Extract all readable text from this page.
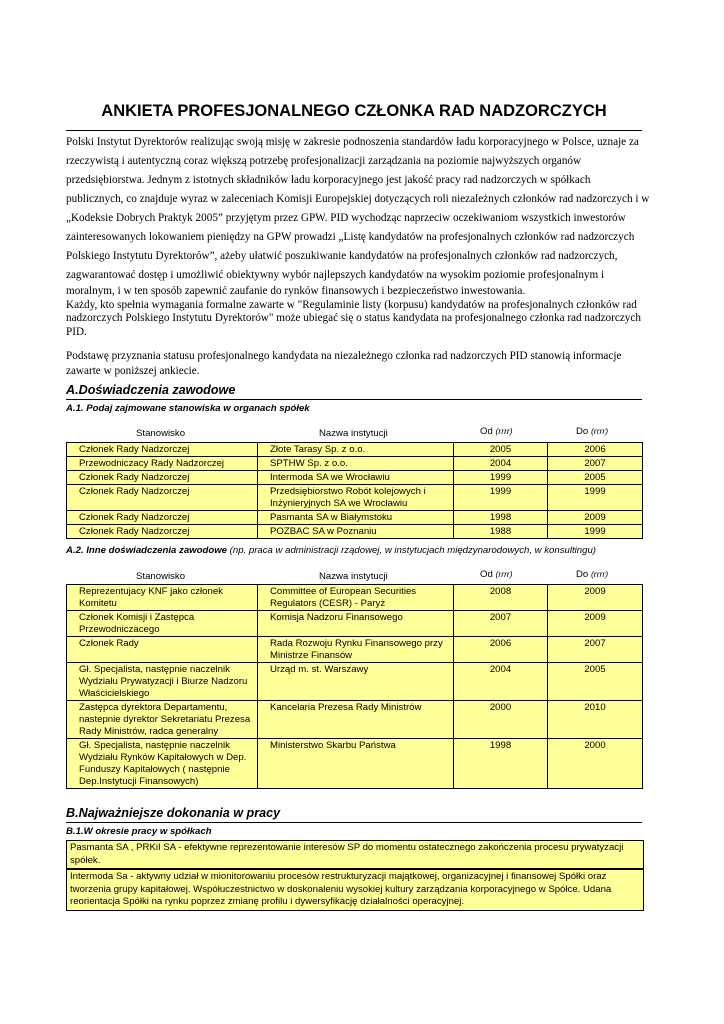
ANKIETA PROFESJONALNEGO CZŁONKA RAD NADZORCZYCH
Polski Instytut Dyrektorów realizując swoją misję w zakresie podnoszenia standardów ładu korporacyjnego w Polsce, uznaje za
rzeczywistą i autentyczną coraz większą potrzebę profesjonalizacji zarządzania na poziomie najwyższych organów
przedsiębiorstwa. Jednym z istotnych składników ładu korporacyjnego jest jakość pracy rad nadzorczych w spółkach
publicznych, co znajduje wyraz w zaleceniach Komisji Europejskiej dotyczących roli niezależnych członków rad nadzorczych i w
„Kodeksie Dobrych Praktyk 2005” przyjętym przez GPW. PID wychodząc naprzeciw oczekiwaniom wszystkich inwestorów
zainteresowanych lokowaniem pieniędzy na GPW prowadzi „Listę kandydatów na profesjonalnych członków rad nadzorczych
Polskiego Instytutu Dyrektorów”, ażeby ułatwić poszukiwanie kandydatów na profesjonalnych członków rad nadzorczych,
zagwarantować dostęp i umożliwić obiektywny wybór najlepszych kandydatów na wysokim poziomie profesjonalnym i
moralnym, i w ten sposób zapewnić zaufanie do rynków finansowych i bezpieczeństwo inwestowania.
Każdy, kto spełnia wymagania formalne zawarte w "Regulaminie listy (korpusu) kandydatów na profesjonalnych członków rad
nadzorczych Polskiego Instytutu Dyrektorów" może ubiegać się o status kandydata na profesjonalnego członka rad nadzorczych
PID.
Podstawę przyznania statusu profesjonalnego kandydata na niezależnego członka rad nadzorczych PID stanowią informacje
zawarte w poniższej ankiecie.
A.Doświadczenia zawodowe
A.1. Podaj zajmowane stanowiska w organach spółek
Stanowisko	Nazwa instytucji	Od (rrrr)	Do (rrrr)
Członek Rady Nadzorczej	Złote Tarasy Sp. z o.o.	2005	2006
Przewodniczacy Rady Nadzorczej	SPTHW Sp. z o.o.	2004	2007
Członek Rady Nadzorczej	Intermoda SA we Wrocławiu	1999	2005
Członek Rady Nadzorczej	Przedsiębiorstwo Robót kolejowych i Inżynieryjnych SA we Wrocławiu	1999	1999
Członek Rady Nadzorczej	Pasmanta SA w Białymstoku	1998	2009
Członek Rady Nadzorczej	POZBAC SA w Poznaniu	1988	1999
A.2. Inne doświadczenia zawodowe (np. praca w administracji rządowej, w instytucjach międzynarodowych, w konsultingu)
Stanowisko	Nazwa instytucji	Od (rrrr)	Do (rrrr)
Reprezentujacy KNF jako członek Komitetu	Committee of European Securities Regulators (CESR) - Paryż	2008	2009
Członek Komisji i Zastępca Przewodniczacego	Komisja Nadzoru Finansowego	2007	2009
Członek Rady	Rada Rozwoju Rynku Finansowego przy Ministrze Finansów	2006	2007
Gł. Specjalista, następnie naczelnik Wydziału Prywatyzacji i Biurze Nadzoru Właścicielskiego	Urząd m. st. Warszawy	2004	2005
Zastępca dyrektora Departamentu, nastepnie dyrektor Sekretariatu Prezesa Rady Ministrów, radca generalny	Kancelaria Prezesa Rady Ministrów	2000	2010
Gł. Specjalista, następnie naczelnik Wydziału Rynków Kapitałowych w Dep. Funduszy Kapitałowych ( następnie Dep.Instytucji Finansowych)	Ministerstwo Skarbu Państwa	1998	2000
B.Najważniejsze dokonania w pracy
B.1.W okresie pracy w spółkach
Pasmanta SA , PRKiI SA - efektywne reprezentowanie interesów SP do momentu ostatecznego zakończenia procesu prywatyzacji spółek.
Intermoda Sa - aktywny udział w mionitorowaniu procesów restrukturyzacji majątkowej, organizacyjnej i finansowej Spółki oraz tworzenia grupy kapitałowej. Współuczestnictwo w doskonaleniu wysokiej kultury zarządzania korporacyjnego w Spółce. Udana reorientacja Spółki na rynku poprzez zmianę profilu i dywersyfikację działalności operacyjnej.
